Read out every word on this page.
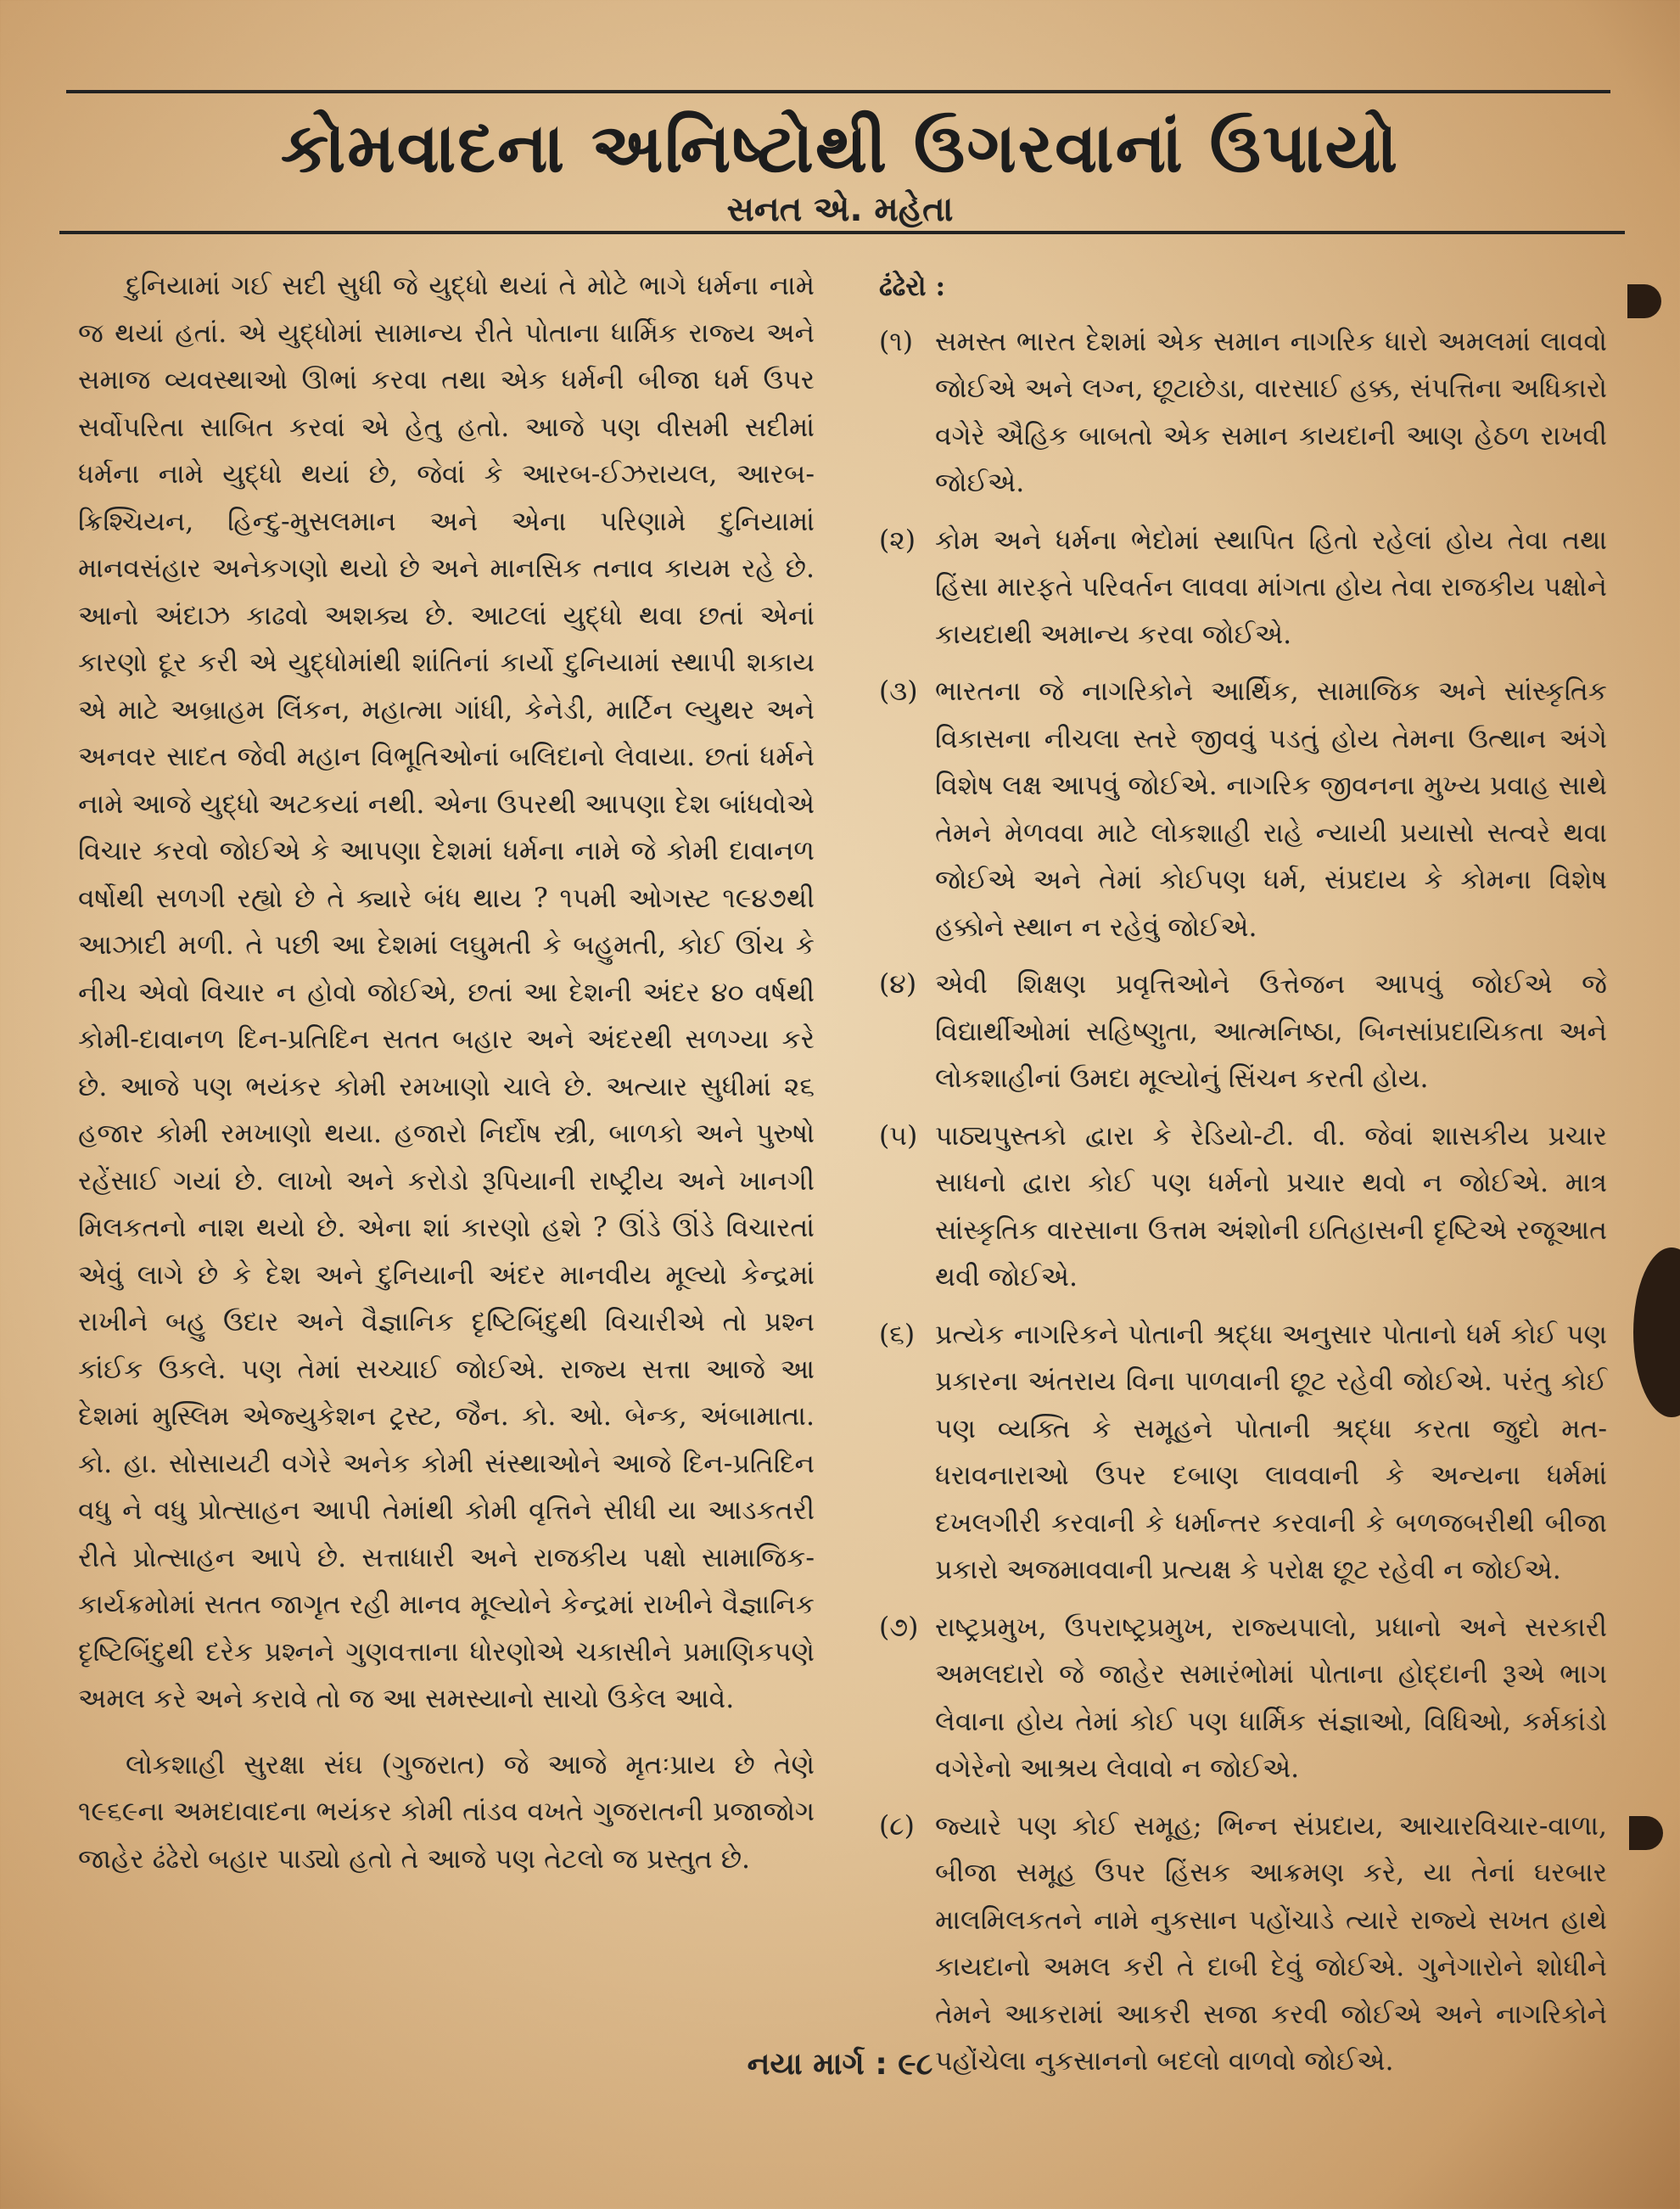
કોમવાદના અનિષ્ટોથી ઉગરવાનાં ઉપાયો
સનત એ. મહેતા

દુનિયામાં ગઈ સદી સુધી જે યુદ્ધો થયાં તે મોટે ભાગે ધર્મના નામે જ થયાં હતાં. એ યુદ્ધોમાં સામાન્ય રીતે પોતાના ધાર્મિક રાજ્ય અને સમાજ વ્યવસ્થાઓ ઊભાં કરવા તથા એક ધર્મની બીજા ધર્મ ઉપર સર્વોપરિતા સાબિત કરવાં એ હેતુ હતો. આજે પણ વીસમી સદીમાં ધર્મના નામે યુદ્ધો થયાં છે, જેવાં કે આરબ-ઈઝરાયલ, આરબ-ક્રિશ્ચિયન, હિન્દુ-મુસલમાન અને એના પરિણામે દુનિયામાં માનવસંહાર અનેકગણો થયો છે અને માનસિક તનાવ કાયમ રહે છે. આનો અંદાઝ કાઢવો અશક્ય છે. આટલાં યુદ્ધો થવા છતાં એનાં કારણો દૂર કરી એ યુદ્ધોમાંથી શાંતિનાં કાર્યો દુનિયામાં સ્થાપી શકાય એ માટે અબ્રાહમ લિંકન, મહાત્મા ગાંધી, કેનેડી, માર્ટિન લ્યુથર અને અનવર સાદત જેવી મહાન વિભૂતિઓનાં બલિદાનો લેવાયા. છતાં ધર્મને નામે આજે યુદ્ધો અટકયાં નથી. એના ઉપરથી આપણા દેશ બાંધવોએ વિચાર કરવો જોઈએ કે આપણા દેશમાં ધર્મના નામે જે કોમી દાવાનળ વર્ષોથી સળગી રહ્યો છે તે ક્યારે બંધ થાય ? ૧૫મી ઓગસ્ટ ૧૯૪૭થી આઝાદી મળી. તે પછી આ દેશમાં લઘુમતી કે બહુમતી, કોઈ ઊંચ કે નીચ એવો વિચાર ન હોવો જોઈએ, છતાં આ દેશની અંદર ૪૦ વર્ષથી કોમી-દાવાનળ દિન-પ્રતિદિન સતત બહાર અને અંદરથી સળગ્યા કરે છે. આજે પણ ભયંકર કોમી રમખાણો ચાલે છે. અત્યાર સુધીમાં ૨૬ હજાર કોમી રમખાણો થયા. હજારો નિર્દોષ સ્ત્રી, બાળકો અને પુરુષો રહેંસાઈ ગયાં છે. લાખો અને કરોડો રૂપિયાની રાષ્ટ્રીય અને ખાનગી મિલકતનો નાશ થયો છે. એના શાં કારણો હશે ? ઊંડે ઊંડે વિચારતાં એવું લાગે છે કે દેશ અને દુનિયાની અંદર માનવીય મૂલ્યો કેન્દ્રમાં રાખીને બહુ ઉદાર અને વૈજ્ઞાનિક દૃષ્ટિબિંદુથી વિચારીએ તો પ્રશ્ન કાંઈક ઉકલે. પણ તેમાં સચ્ચાઈ જોઈએ. રાજ્ય સત્તા આજે આ દેશમાં મુસ્લિમ એજ્યુકેશન ટ્રસ્ટ, જૈન. કો. ઓ. બેન્ક, અંબામાતા. કો. હા. સોસાયટી વગેરે અનેક કોમી સંસ્થાઓને આજે દિન-પ્રતિદિન વધુ ને વધુ પ્રોત્સાહન આપી તેમાંથી કોમી વૃત્તિને સીધી યા આડકતરી રીતે પ્રોત્સાહન આપે છે. સત્તાધારી અને રાજકીય પક્ષો સામાજિક-કાર્યક્રમોમાં સતત જાગૃત રહી માનવ મૂલ્યોને કેન્દ્રમાં રાખીને વૈજ્ઞાનિક દૃષ્ટિબિંદુથી દરેક પ્રશ્નને ગુણવત્તાના ધોરણોએ ચકાસીને પ્રમાણિકપણે અમલ કરે અને કરાવે તો જ આ સમસ્યાનો સાચો ઉકેલ આવે.

લોકશાહી સુરક્ષા સંઘ (ગુજરાત) જે આજે મૃતઃપ્રાય છે તેણે ૧૯૬૯ના અમદાવાદના ભયંકર કોમી તાંડવ વખતે ગુજરાતની પ્રજાજોગ જાહેર ઢંઢેરો બહાર પાડ્યો હતો તે આજે પણ તેટલો જ પ્રસ્તુત છે.

ઢંઢેરો :

(૧) સમસ્ત ભારત દેશમાં એક સમાન નાગરિક ધારો અમલમાં લાવવો જોઈએ અને લગ્ન, છૂટાછેડા, વારસાઈ હક્ક, સંપત્તિના અધિકારો વગેરે ઐહિક બાબતો એક સમાન કાયદાની આણ હેઠળ રાખવી જોઈએ.
(૨) કોમ અને ધર્મના ભેદોમાં સ્થાપિત હિતો રહેલાં હોય તેવા તથા હિંસા મારફતે પરિવર્તન લાવવા માંગતા હોય તેવા રાજકીય પક્ષોને કાયદાથી અમાન્ય કરવા જોઈએ.
(૩) ભારતના જે નાગરિકોને આર્થિક, સામાજિક અને સાંસ્કૃતિક વિકાસના નીચલા સ્તરે જીવવું પડતું હોય તેમના ઉત્થાન અંગે વિશેષ લક્ષ આપવું જોઈએ. નાગરિક જીવનના મુખ્ય પ્રવાહ સાથે તેમને મેળવવા માટે લોકશાહી રાહે ન્યાયી પ્રયાસો સત્વરે થવા જોઈએ અને તેમાં કોઈપણ ધર્મ, સંપ્રદાય કે કોમના વિશેષ હક્કોને સ્થાન ન રહેવું જોઈએ.
(૪) એવી શિક્ષણ પ્રવૃત્તિઓને ઉત્તેજન આપવું જોઈએ જે વિદ્યાર્થીઓમાં સહિષ્ણુતા, આત્મનિષ્ઠા, બિનસાંપ્રદાયિકતા અને લોકશાહીનાં ઉમદા મૂલ્યોનું સિંચન કરતી હોય.
(૫) પાઠ્યપુસ્તકો દ્વારા કે રેડિયો-ટી. વી. જેવાં શાસકીય પ્રચાર સાધનો દ્વારા કોઈ પણ ધર્મનો પ્રચાર થવો ન જોઈએ. માત્ર સાંસ્કૃતિક વારસાના ઉત્તમ અંશોની ઇતિહાસની દૃષ્ટિએ રજૂઆત થવી જોઈએ.
(૬) પ્રત્યેક નાગરિકને પોતાની શ્રદ્ધા અનુસાર પોતાનો ધર્મ કોઈ પણ પ્રકારના અંતરાય વિના પાળવાની છૂટ રહેવી જોઈએ. પરંતુ કોઈ પણ વ્યક્તિ કે સમૂહને પોતાની શ્રદ્ધા કરતા જુદો મત-ધરાવનારાઓ ઉપર દબાણ લાવવાની કે અન્યના ધર્મમાં દખલગીરી કરવાની કે ધર્માન્તર કરવાની કે બળજબરીથી બીજા પ્રકારો અજમાવવાની પ્રત્યક્ષ કે પરોક્ષ છૂટ રહેવી ન જોઈએ.
(૭) રાષ્ટ્રપ્રમુખ, ઉપરાષ્ટ્રપ્રમુખ, રાજ્યપાલો, પ્રધાનો અને સરકારી અમલદારો જે જાહેર સમારંભોમાં પોતાના હોદ્દાની રૂએ ભાગ લેવાના હોય તેમાં કોઈ પણ ધાર્મિક સંજ્ઞાઓ, વિધિઓ, કર્મકાંડો વગેરેનો આશ્રય લેવાવો ન જોઈએ.
(૮) જ્યારે પણ કોઈ સમૂહ; ભિન્ન સંપ્રદાય, આચારવિચાર-વાળા, બીજા સમૂહ ઉપર હિંસક આક્રમણ કરે, યા તેનાં ઘરબાર માલમિલકતને નામે નુકસાન પહોંચાડે ત્યારે રાજ્યે સખત હાથે કાયદાનો અમલ કરી તે દાબી દેવું જોઈએ. ગુનેગારોને શોધીને તેમને આકરામાં આકરી સજા કરવી જોઈએ અને નાગરિકોને પહોંચેલા નુકસાનનો બદલો વાળવો જોઈએ.
નયા માર્ગ : ૯૮
